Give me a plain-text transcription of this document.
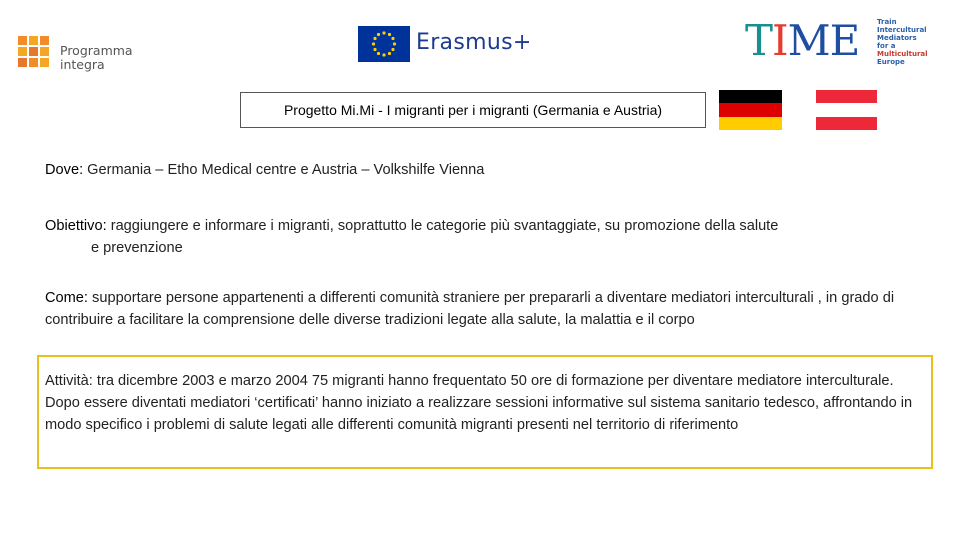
Programma
integra
Erasmus+	TIME	Train
Intercultural
Mediators
for a
Multicultural
Europe
Progetto Mi.Mi - I migranti per i migranti (Germania e Austria)
Dove: Germania – Etho Medical centre e Austria – Volkshilfe Vienna
Obiettivo: raggiungere e informare i migranti, soprattutto le categorie più svantaggiate, su promozione della salute
e prevenzione
Come: supportare persone appartenenti a differenti comunità straniere per prepararli a diventare mediatori interculturali , in grado di contribuire a facilitare la comprensione delle diverse tradizioni legate alla salute, la malattia e il corpo
Attività: tra dicembre 2003 e marzo 2004 75 migranti hanno frequentato 50 ore di formazione per diventare mediatore interculturale. Dopo essere diventati mediatori ‘certificati’ hanno iniziato a realizzare sessioni informative sul sistema sanitario tedesco, affrontando in modo specifico i problemi di salute legati alle differenti comunità migranti presenti nel territorio di riferimento
